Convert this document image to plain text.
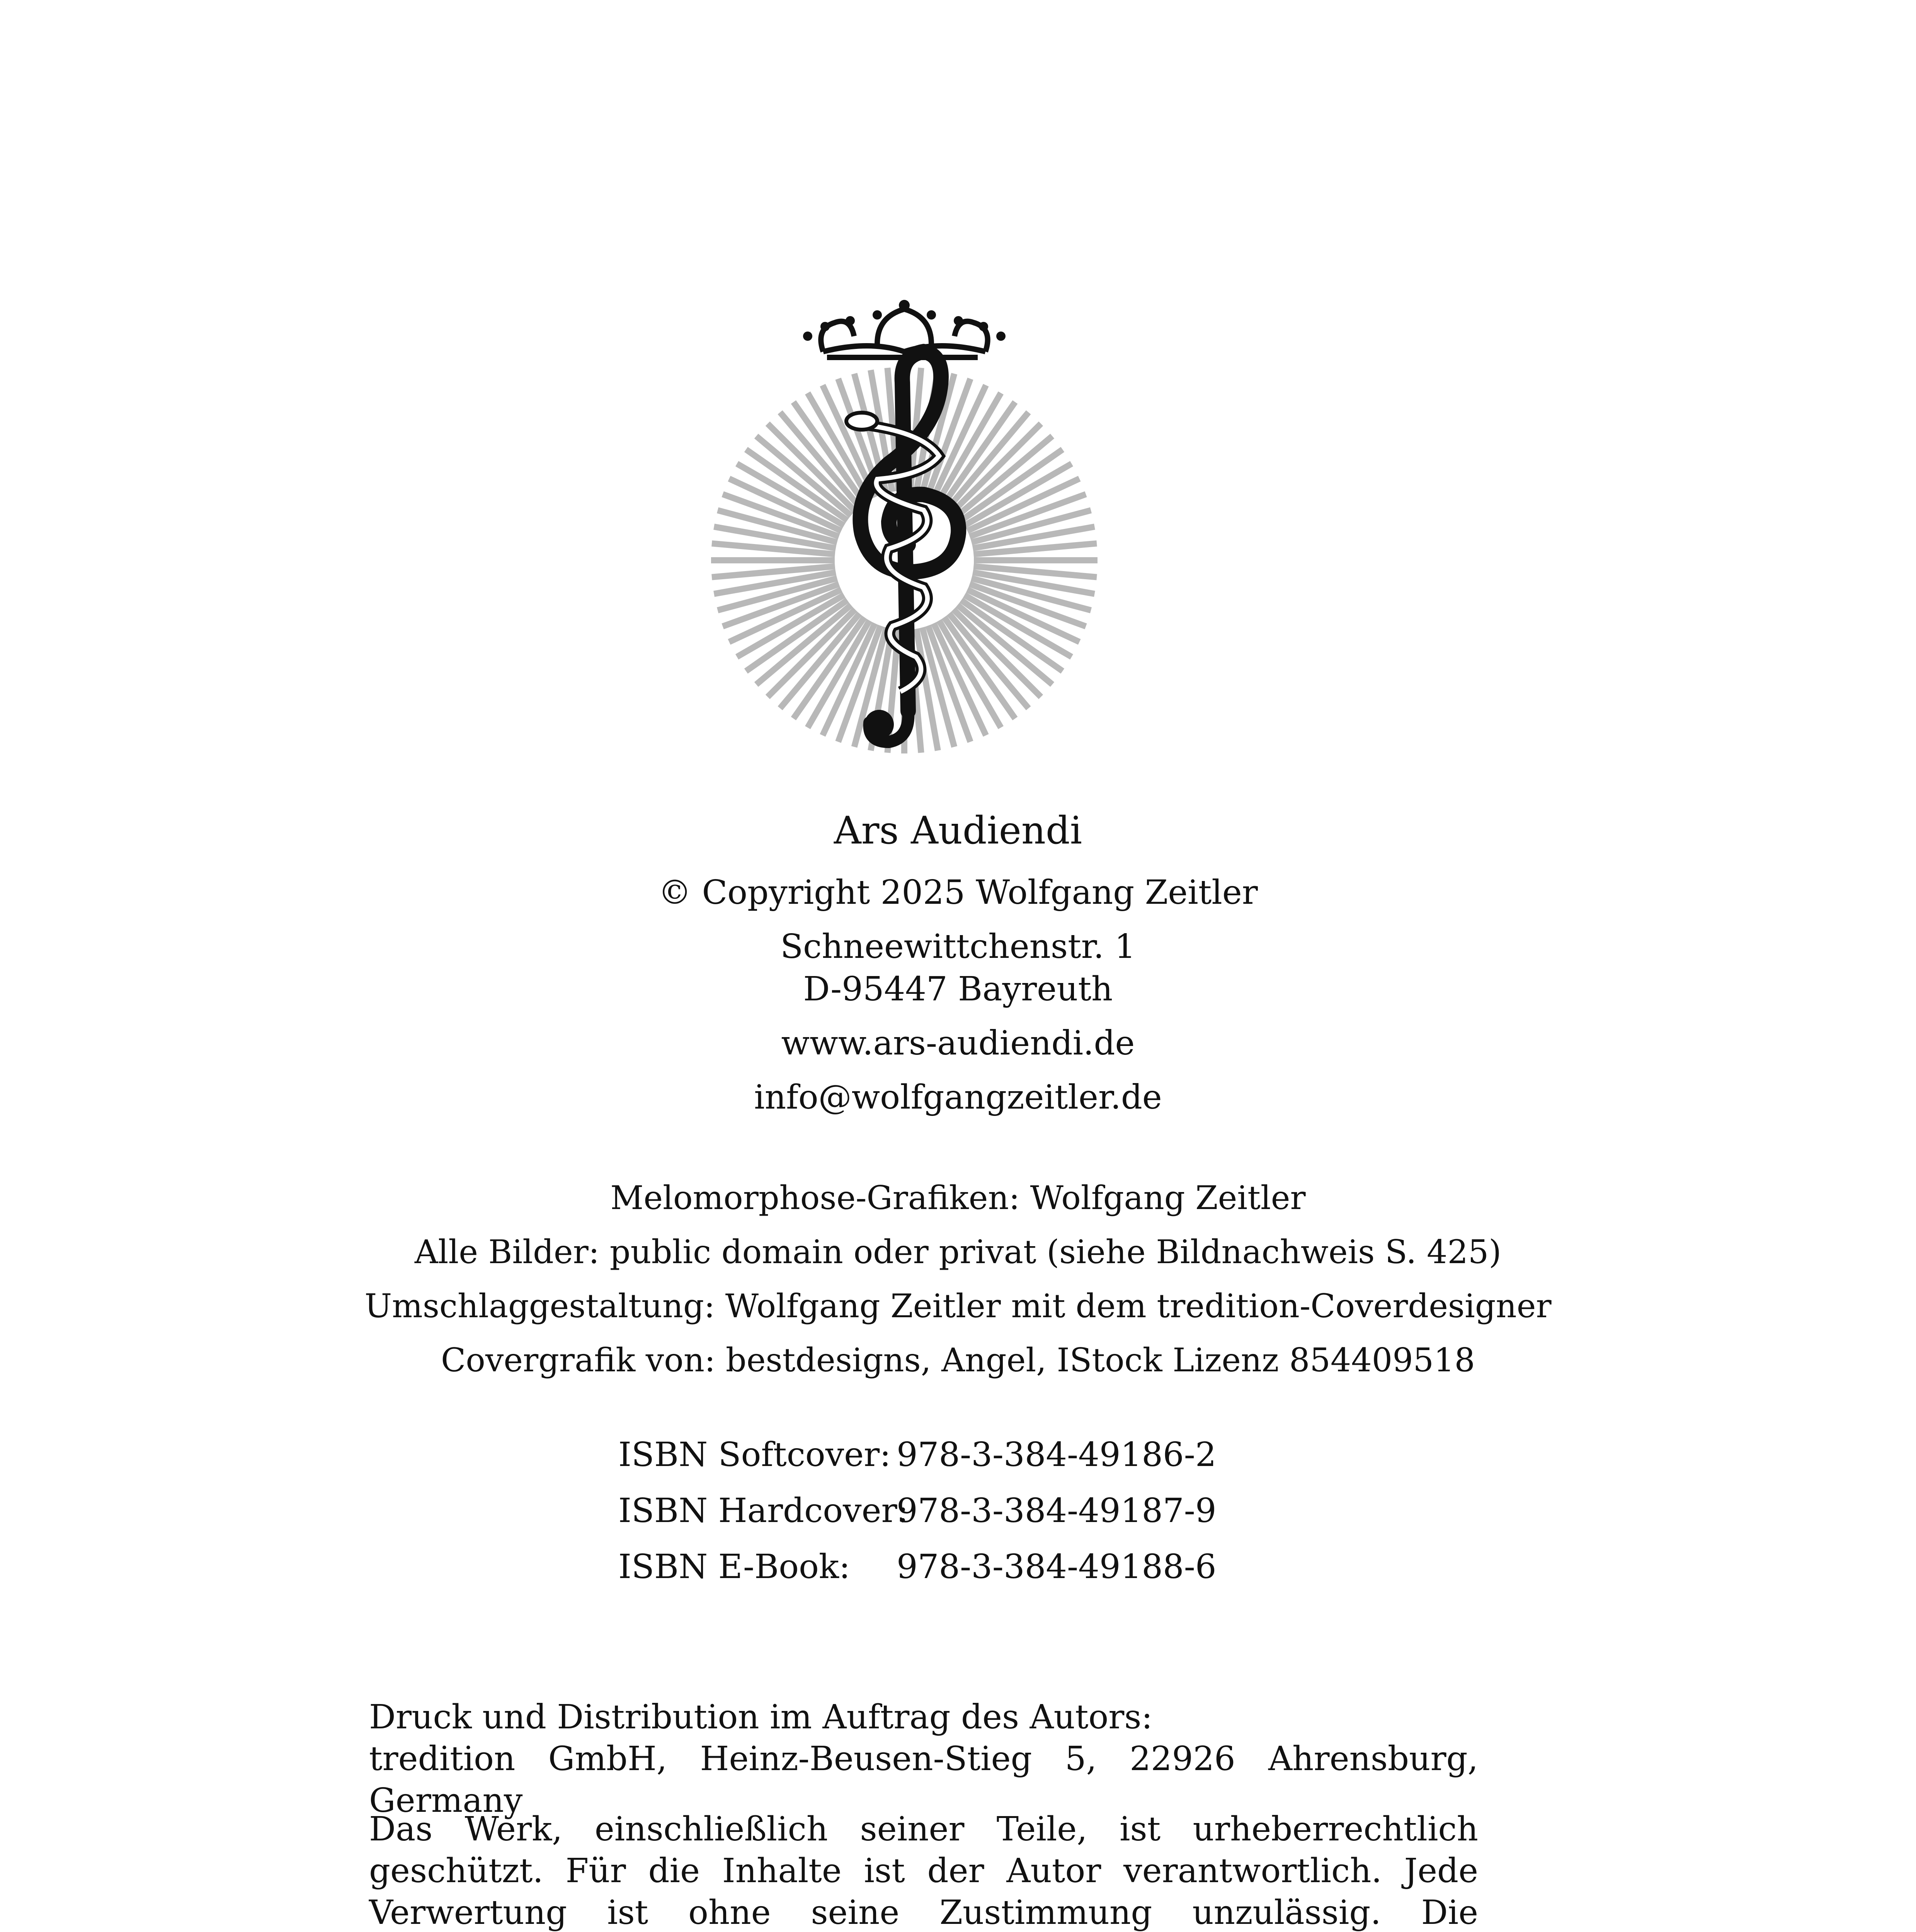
Ars Audiendi
© Copyright 2025 Wolfgang Zeitler
Schneewittchenstr. 1
D-95447 Bayreuth
www.ars-audiendi.de
info@wolfgangzeitler.de
Melomorphose-Grafiken: Wolfgang Zeitler
Alle Bilder: public domain oder privat (siehe Bildnachweis S. 425)
Umschlaggestaltung: Wolfgang Zeitler mit dem tredition-Coverdesigner
Covergrafik von: bestdesigns, Angel, IStock Lizenz 854409518
ISBN Softcover: 978-3-384-49186-2
ISBN Hardcover:978-3-384-49187-9
ISBN E-Book: 978-3-384-49188-6

Druck und Distribution im Auftrag des Autors:

tredition GmbH, Heinz-Beusen-Stieg 5, 22926 Ahrensburg, Germany

Das Werk, einschließlich seiner Teile, ist urheberrechtlich geschützt. Für die Inhalte ist der Autor verantwortlich. Jede Verwertung ist ohne seine Zustimmung unzulässig. Die
